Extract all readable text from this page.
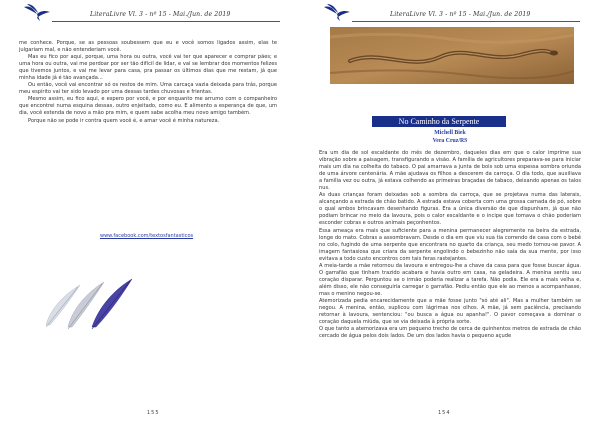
LiteraLivre Vl. 3 - nº 15 - Mai./Jun. de 2019

me conhece. Porque, se as pessoas soubessem que eu e você somos ligados assim, elas te julgariam mal, e não entenderiam você.

Mas eu fico por aqui, porque, uma hora ou outra, você vai ter que aparecer e comprar pães; e uma hora ou outra, vai me perdoar por ser tão difícil de lidar, e vai se lembrar dos momentos felizes que tivemos juntos, e vai me levar para casa, pra passar os últimos dias que me restam, já que minha idade já é tão avançada...

Ou então, você vai encontrar só os restos de mim. Uma carcaça vazia deixada para trás, porque meu espírito vai ter sido levado por uma dessas tardes chuvosas e frientas.

Mesmo assim, eu fico aqui, e espero por você, e por enquanto me arrumo com o companheiro que encontrei numa esquina dessas, outro enjeitado, como eu. E alimento a esperança de que, um dia, você estenda de novo a mão pra mim, e quem sabe acolha meu novo amigo também.

Porque não se pode ir contra quem você é, e amar você é minha natureza.

www.facebook.com/textosfantasticos
155
LiteraLivre Vl. 3 - nº 15 - Mai./Jun. de 2019
No Caminho da Serpente
Michell Biek
Vera Cruz/RS

Era um dia de sol escaldante do mês de dezembro, daqueles dias em que o calor imprime sua vibração sobre a paisagem, transfigurando a visão. A família de agricultores preparava-se para iniciar mais um dia na colheita do tabaco. O pai amarrava a junta de bois sob uma espessa sombra oriunda de uma árvore centenária. A mãe ajudava os filhos a descerem da carroça. O dia todo, que auxiliava a família vez ou outra, já estava colhendo as primeiras braçadas de tabaco, deixando apenas os talos nus.

As duas crianças foram deixadas sob a sombra da carroça, que se projetava numa das laterais, alcançando a estrada de chão batido. A estrada estava coberta com uma grossa camada de pó, sobre o qual ambos brincavam desenhando figuras. Era a única diversão de que dispunham, já que não podiam brincar no meio da lavoura, pois o calor escaldante e o incipe que tomava o chão poderiam esconder cobras e outros animais peçonhentos.

Essa ameaça era mais que suficiente para a menina permanecer alegremente na beira da estrada, longe do mato. Cobras a assombravam. Desde o dia em que viu sua tia correndo de casa com o bebê no colo, fugindo de uma serpente que encontrara no quarto da criança, seu medo tornou-se pavor. A imagem fantasiosa que criara da serpente engolindo o bebezinho não saía da sua mente, por isso evitava a todo custo encontros com tais feras rastejantes.

A meia-tarde a mãe retornou da lavoura e entregou-lhe a chave da casa para que fosse buscar água. O garrafão que tinham trazido acabara e havia outro em casa, na geladeira. A menina sentiu seu coração disparar. Perguntou se o irmão poderia realizar a tarefa. Não podia. Ele era a mais velha e, além disso, ele não conseguiria carregar o garrafão. Pediu então que ele ao menos a acompanhasse, mas o menino negou-se.

Atemorizada pedia encarecidamente que a mãe fosse junto "só até ali". Mas a mulher também se negou. A menina, então, suplicou com lágrimas nos olhos. A mãe, já sem paciência, precisando retornar à lavoura, sentenciou: "ou busca a água ou apanha!". O pavor começava a dominar o coração daquela miúda, que se via deixada à própria sorte.

O que tanto a atemorizava era um pequeno trecho de cerca de quinhentos metros de estrada de chão cercado de água pelos dois lados. De um dos lados havia o pequeno açude

154
